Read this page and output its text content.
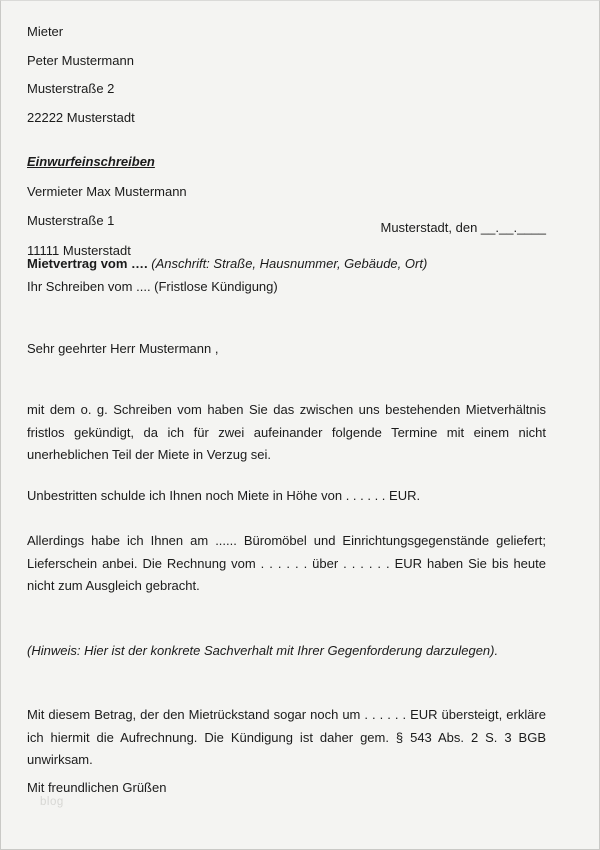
Mieter

Peter Mustermann

Musterstraße 2

22222 Musterstadt

Einwurfeinschreiben

Vermieter Max Mustermann

Musterstraße 1

11111 Musterstadt

Musterstadt, den __.__.____
Mietvertrag vom …. (Anschrift: Straße, Hausnummer, Gebäude, Ort)
Ihr Schreiben vom .... (Fristlose Kündigung)
Sehr geehrter Herr Mustermann ,
mit dem o. g. Schreiben vom haben Sie das zwischen uns bestehenden Mietverhältnis fristlos gekündigt, da ich für zwei aufeinander folgende Termine mit einem nicht unerheblichen Teil der Miete in Verzug sei.
Unbestritten schulde ich Ihnen noch Miete in Höhe von . . . . . . EUR.
Allerdings habe ich Ihnen am ...... Büromöbel und Einrichtungsgegenstände geliefert; Lieferschein anbei. Die Rechnung vom . . . . . . über . . . . . . EUR haben Sie bis heute nicht zum Ausgleich gebracht.
(Hinweis: Hier ist der konkrete Sachverhalt mit Ihrer Gegenforderung darzulegen).
Mit diesem Betrag, der den Mietrückstand sogar noch um . . . . . . EUR übersteigt, erkläre ich hiermit die Aufrechnung. Die Kündigung ist daher gem. § 543 Abs. 2 S. 3 BGB unwirksam.
Mit freundlichen Grüßen
blog
